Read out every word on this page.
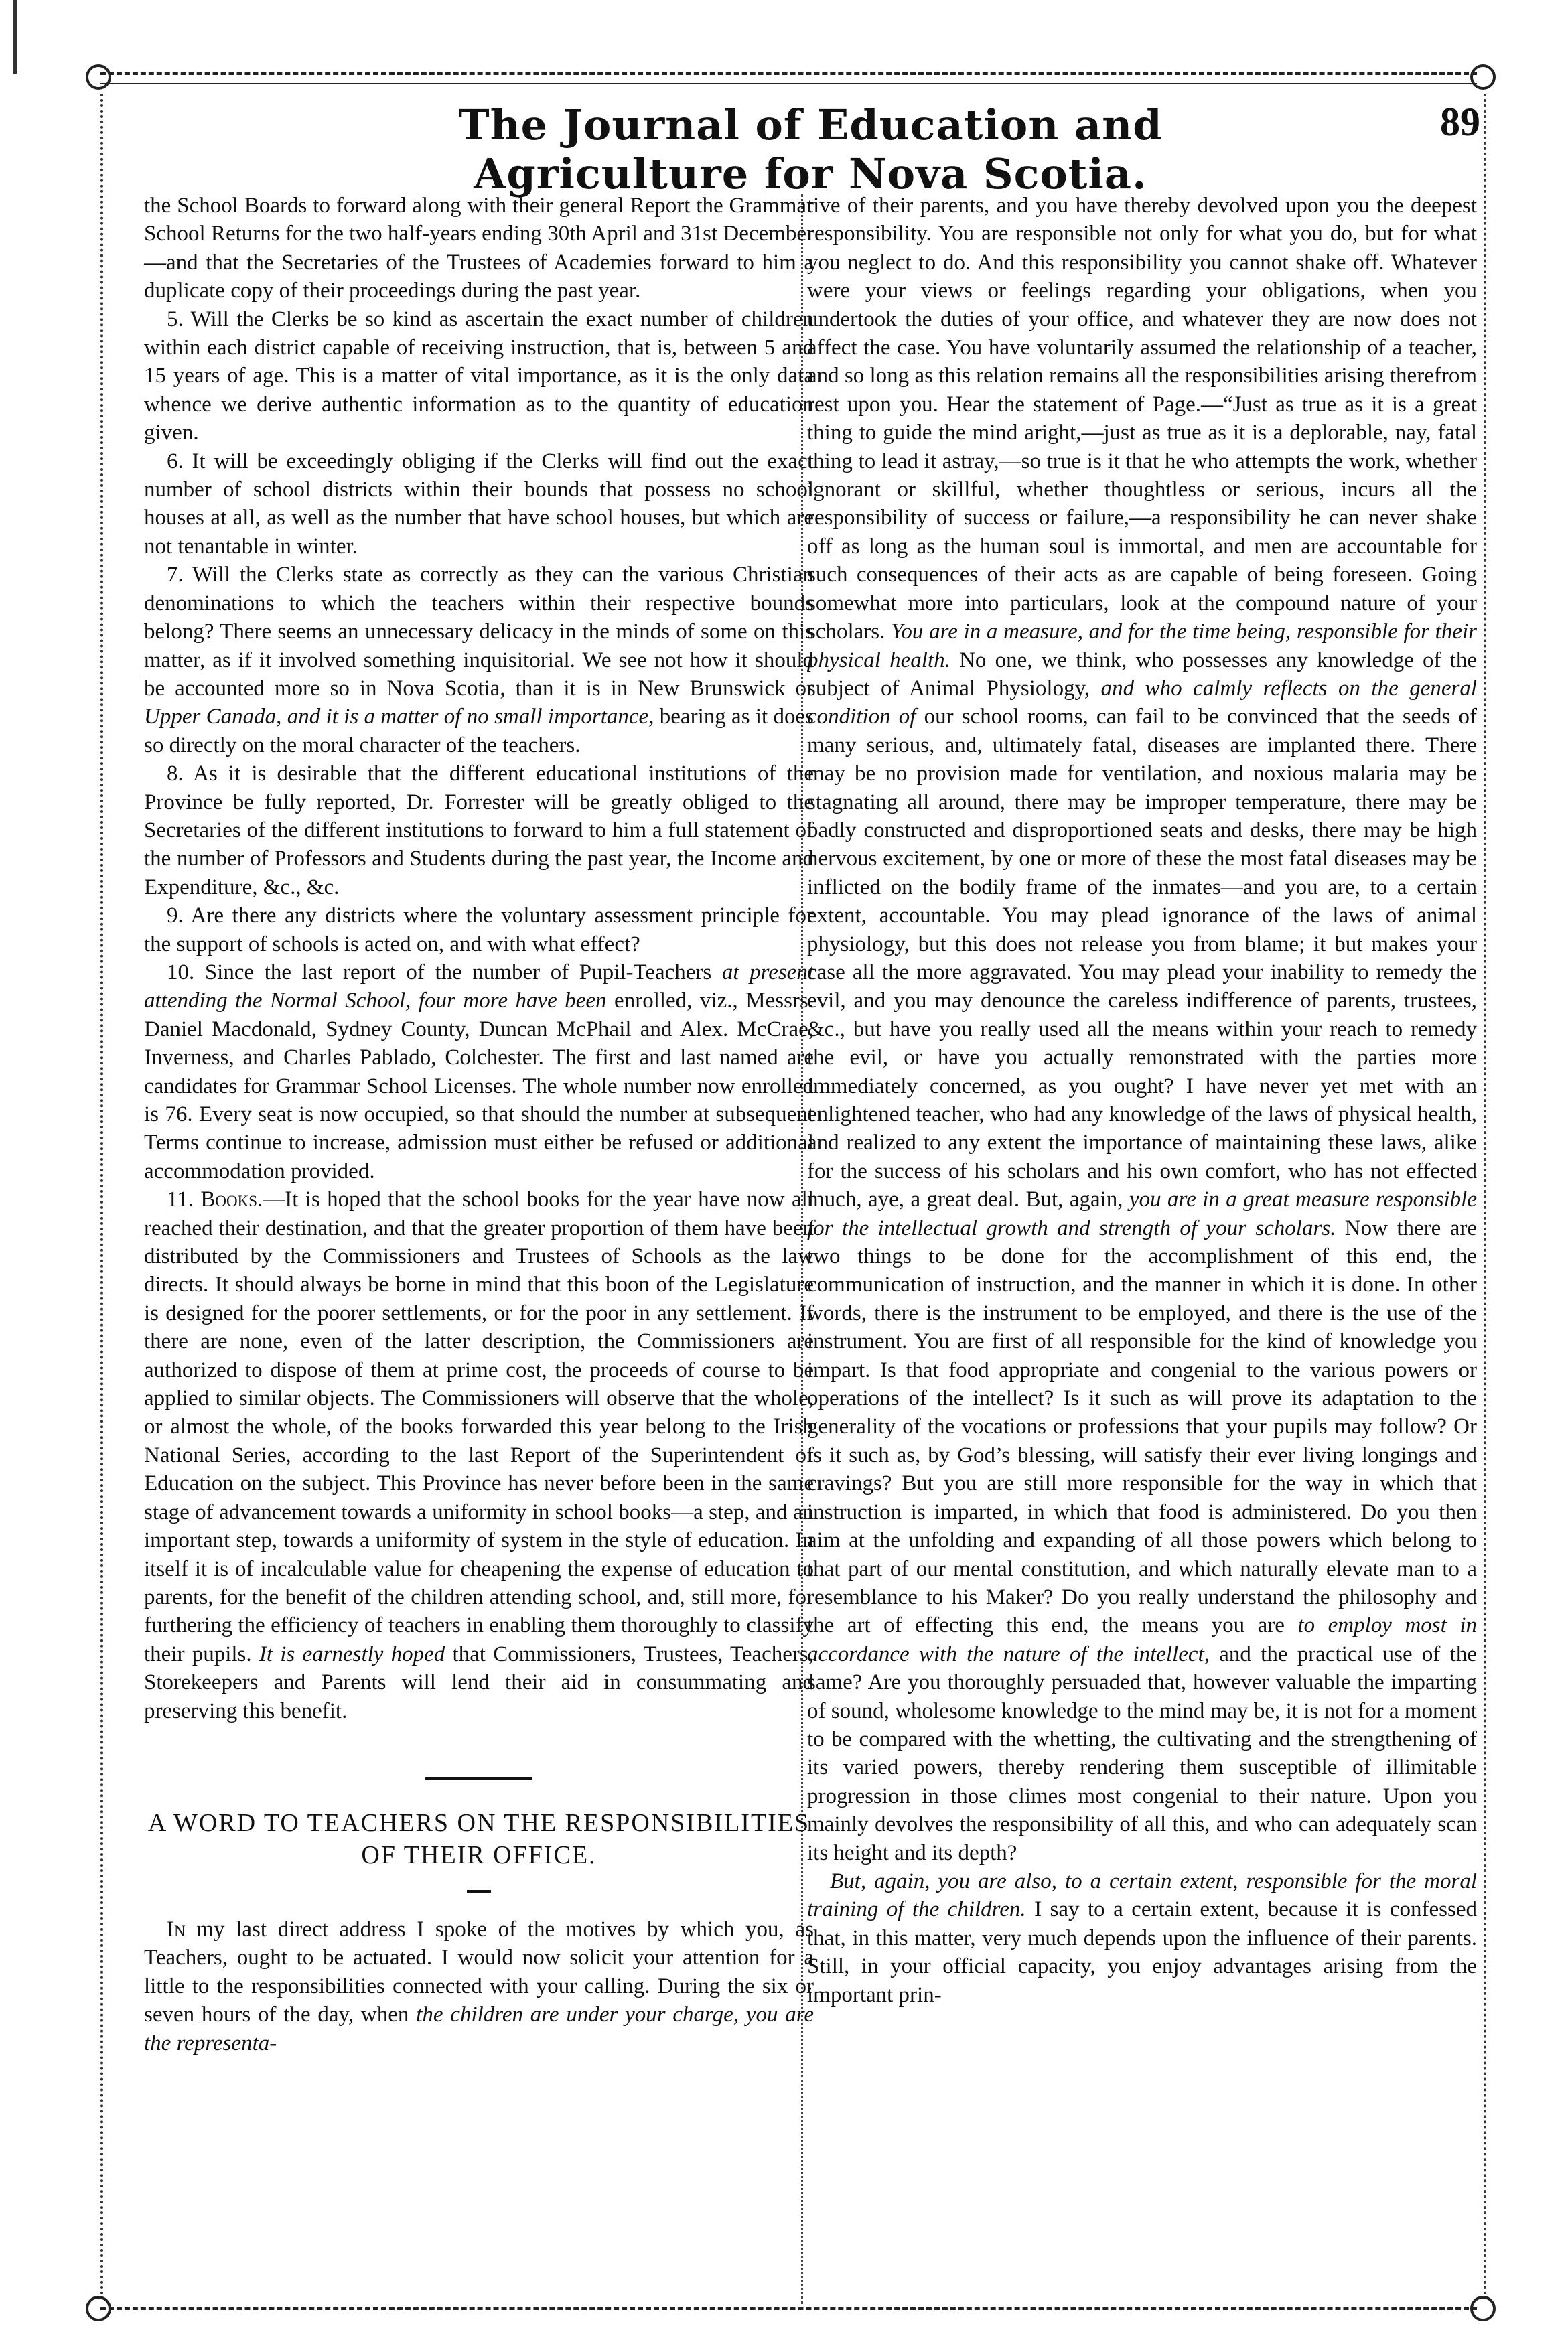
The Journal of Education and Agriculture for Nova Scotia.
89

the School Boards to forward along with their general Report the Grammar School Returns for the two half-years ending 30th April and 31st December—and that the Secretaries of the Trustees of Academies forward to him a duplicate copy of their proceedings during the past year.

5. Will the Clerks be so kind as ascertain the exact number of children within each district capable of receiving instruction, that is, between 5 and 15 years of age. This is a matter of vital importance, as it is the only data whence we derive authentic information as to the quantity of education given.

6. It will be exceedingly obliging if the Clerks will find out the exact number of school districts within their bounds that possess no school houses at all, as well as the number that have school houses, but which are not tenantable in winter.

7. Will the Clerks state as correctly as they can the various Christian denominations to which the teachers within their respective bounds belong? There seems an unnecessary delicacy in the minds of some on this matter, as if it involved something inquisitorial. We see not how it should be accounted more so in Nova Scotia, than it is in New Brunswick or Upper Canada, and it is a matter of no small importance, bearing as it does so directly on the moral character of the teachers.

8. As it is desirable that the different educational institutions of the Province be fully reported, Dr. Forrester will be greatly obliged to the Secretaries of the different institutions to forward to him a full statement of the number of Professors and Students during the past year, the Income and Expenditure, &c., &c.

9. Are there any districts where the voluntary assessment principle for the support of schools is acted on, and with what effect?

10. Since the last report of the number of Pupil-Teachers at present attending the Normal School, four more have been enrolled, viz., Messrs. Daniel Macdonald, Sydney County, Duncan McPhail and Alex. McCrae, Inverness, and Charles Pablado, Colchester. The first and last named are candidates for Grammar School Licenses. The whole number now enrolled is 76. Every seat is now occupied, so that should the number at subsequent Terms continue to increase, admission must either be refused or additional accommodation provided.

11. Books.—It is hoped that the school books for the year have now all reached their destination, and that the greater proportion of them have been distributed by the Commissioners and Trustees of Schools as the law directs. It should always be borne in mind that this boon of the Legislature is designed for the poorer settlements, or for the poor in any settlement. If there are none, even of the latter description, the Commissioners are authorized to dispose of them at prime cost, the proceeds of course to be applied to similar objects. The Commissioners will observe that the whole, or almost the whole, of the books forwarded this year belong to the Irish National Series, according to the last Report of the Superintendent of Education on the subject. This Province has never before been in the same stage of advancement towards a uniformity in school books—a step, and an important step, towards a uniformity of system in the style of education. In itself it is of incalculable value for cheapening the expense of education to parents, for the benefit of the children attending school, and, still more, for furthering the efficiency of teachers in enabling them thoroughly to classify their pupils. It is earnestly hoped that Commissioners, Trustees, Teachers, Storekeepers and Parents will lend their aid in consummating and preserving this benefit.

A WORD TO TEACHERS ON THE RESPONSIBILITIES OF THEIR OFFICE.

In my last direct address I spoke of the motives by which you, as Teachers, ought to be actuated. I would now solicit your attention for a little to the responsibilities connected with your calling. During the six or seven hours of the day, when the children are under your charge, you are the representa-

tive of their parents, and you have thereby devolved upon you the deepest responsibility. You are responsible not only for what you do, but for what you neglect to do. And this responsibility you cannot shake off. Whatever were your views or feelings regarding your obligations, when you undertook the duties of your office, and whatever they are now does not affect the case. You have voluntarily assumed the relationship of a teacher, and so long as this relation remains all the responsibilities arising therefrom rest upon you. Hear the statement of Page.—“Just as true as it is a great thing to guide the mind aright,—just as true as it is a deplorable, nay, fatal thing to lead it astray,—so true is it that he who attempts the work, whether ignorant or skillful, whether thoughtless or serious, incurs all the responsibility of success or failure,—a responsibility he can never shake off as long as the human soul is immortal, and men are accountable for such consequences of their acts as are capable of being foreseen. Going somewhat more into particulars, look at the compound nature of your scholars. You are in a measure, and for the time being, responsible for their physical health. No one, we think, who possesses any knowledge of the subject of Animal Physiology, and who calmly reflects on the general condition of our school rooms, can fail to be convinced that the seeds of many serious, and, ultimately fatal, diseases are implanted there. There may be no provision made for ventilation, and noxious malaria may be stagnating all around, there may be improper temperature, there may be badly constructed and disproportioned seats and desks, there may be high nervous excitement, by one or more of these the most fatal diseases may be inflicted on the bodily frame of the inmates—and you are, to a certain extent, accountable. You may plead ignorance of the laws of animal physiology, but this does not release you from blame; it but makes your case all the more aggravated. You may plead your inability to remedy the evil, and you may denounce the careless indifference of parents, trustees, &c., but have you really used all the means within your reach to remedy the evil, or have you actually remonstrated with the parties more immediately concerned, as you ought? I have never yet met with an enlightened teacher, who had any knowledge of the laws of physical health, and realized to any extent the importance of maintaining these laws, alike for the success of his scholars and his own comfort, who has not effected much, aye, a great deal. But, again, you are in a great measure responsible for the intellectual growth and strength of your scholars. Now there are two things to be done for the accomplishment of this end, the communication of instruction, and the manner in which it is done. In other words, there is the instrument to be employed, and there is the use of the instrument. You are first of all responsible for the kind of knowledge you impart. Is that food appropriate and congenial to the various powers or operations of the intellect? Is it such as will prove its adaptation to the generality of the vocations or professions that your pupils may follow? Or is it such as, by God’s blessing, will satisfy their ever living longings and cravings? But you are still more responsible for the way in which that instruction is imparted, in which that food is administered. Do you then aim at the unfolding and expanding of all those powers which belong to that part of our mental constitution, and which naturally elevate man to a resemblance to his Maker? Do you really understand the philosophy and the art of effecting this end, the means you are to employ most in accordance with the nature of the intellect, and the practical use of the same? Are you thoroughly persuaded that, however valuable the imparting of sound, wholesome knowledge to the mind may be, it is not for a moment to be compared with the whetting, the cultivating and the strengthening of its varied powers, thereby rendering them susceptible of illimitable progression in those climes most congenial to their nature. Upon you mainly devolves the responsibility of all this, and who can adequately scan its height and its depth?

But, again, you are also, to a certain extent, responsible for the moral training of the children. I say to a certain extent, because it is confessed that, in this matter, very much depends upon the influence of their parents. Still, in your official capacity, you enjoy advantages arising from the important prin-
